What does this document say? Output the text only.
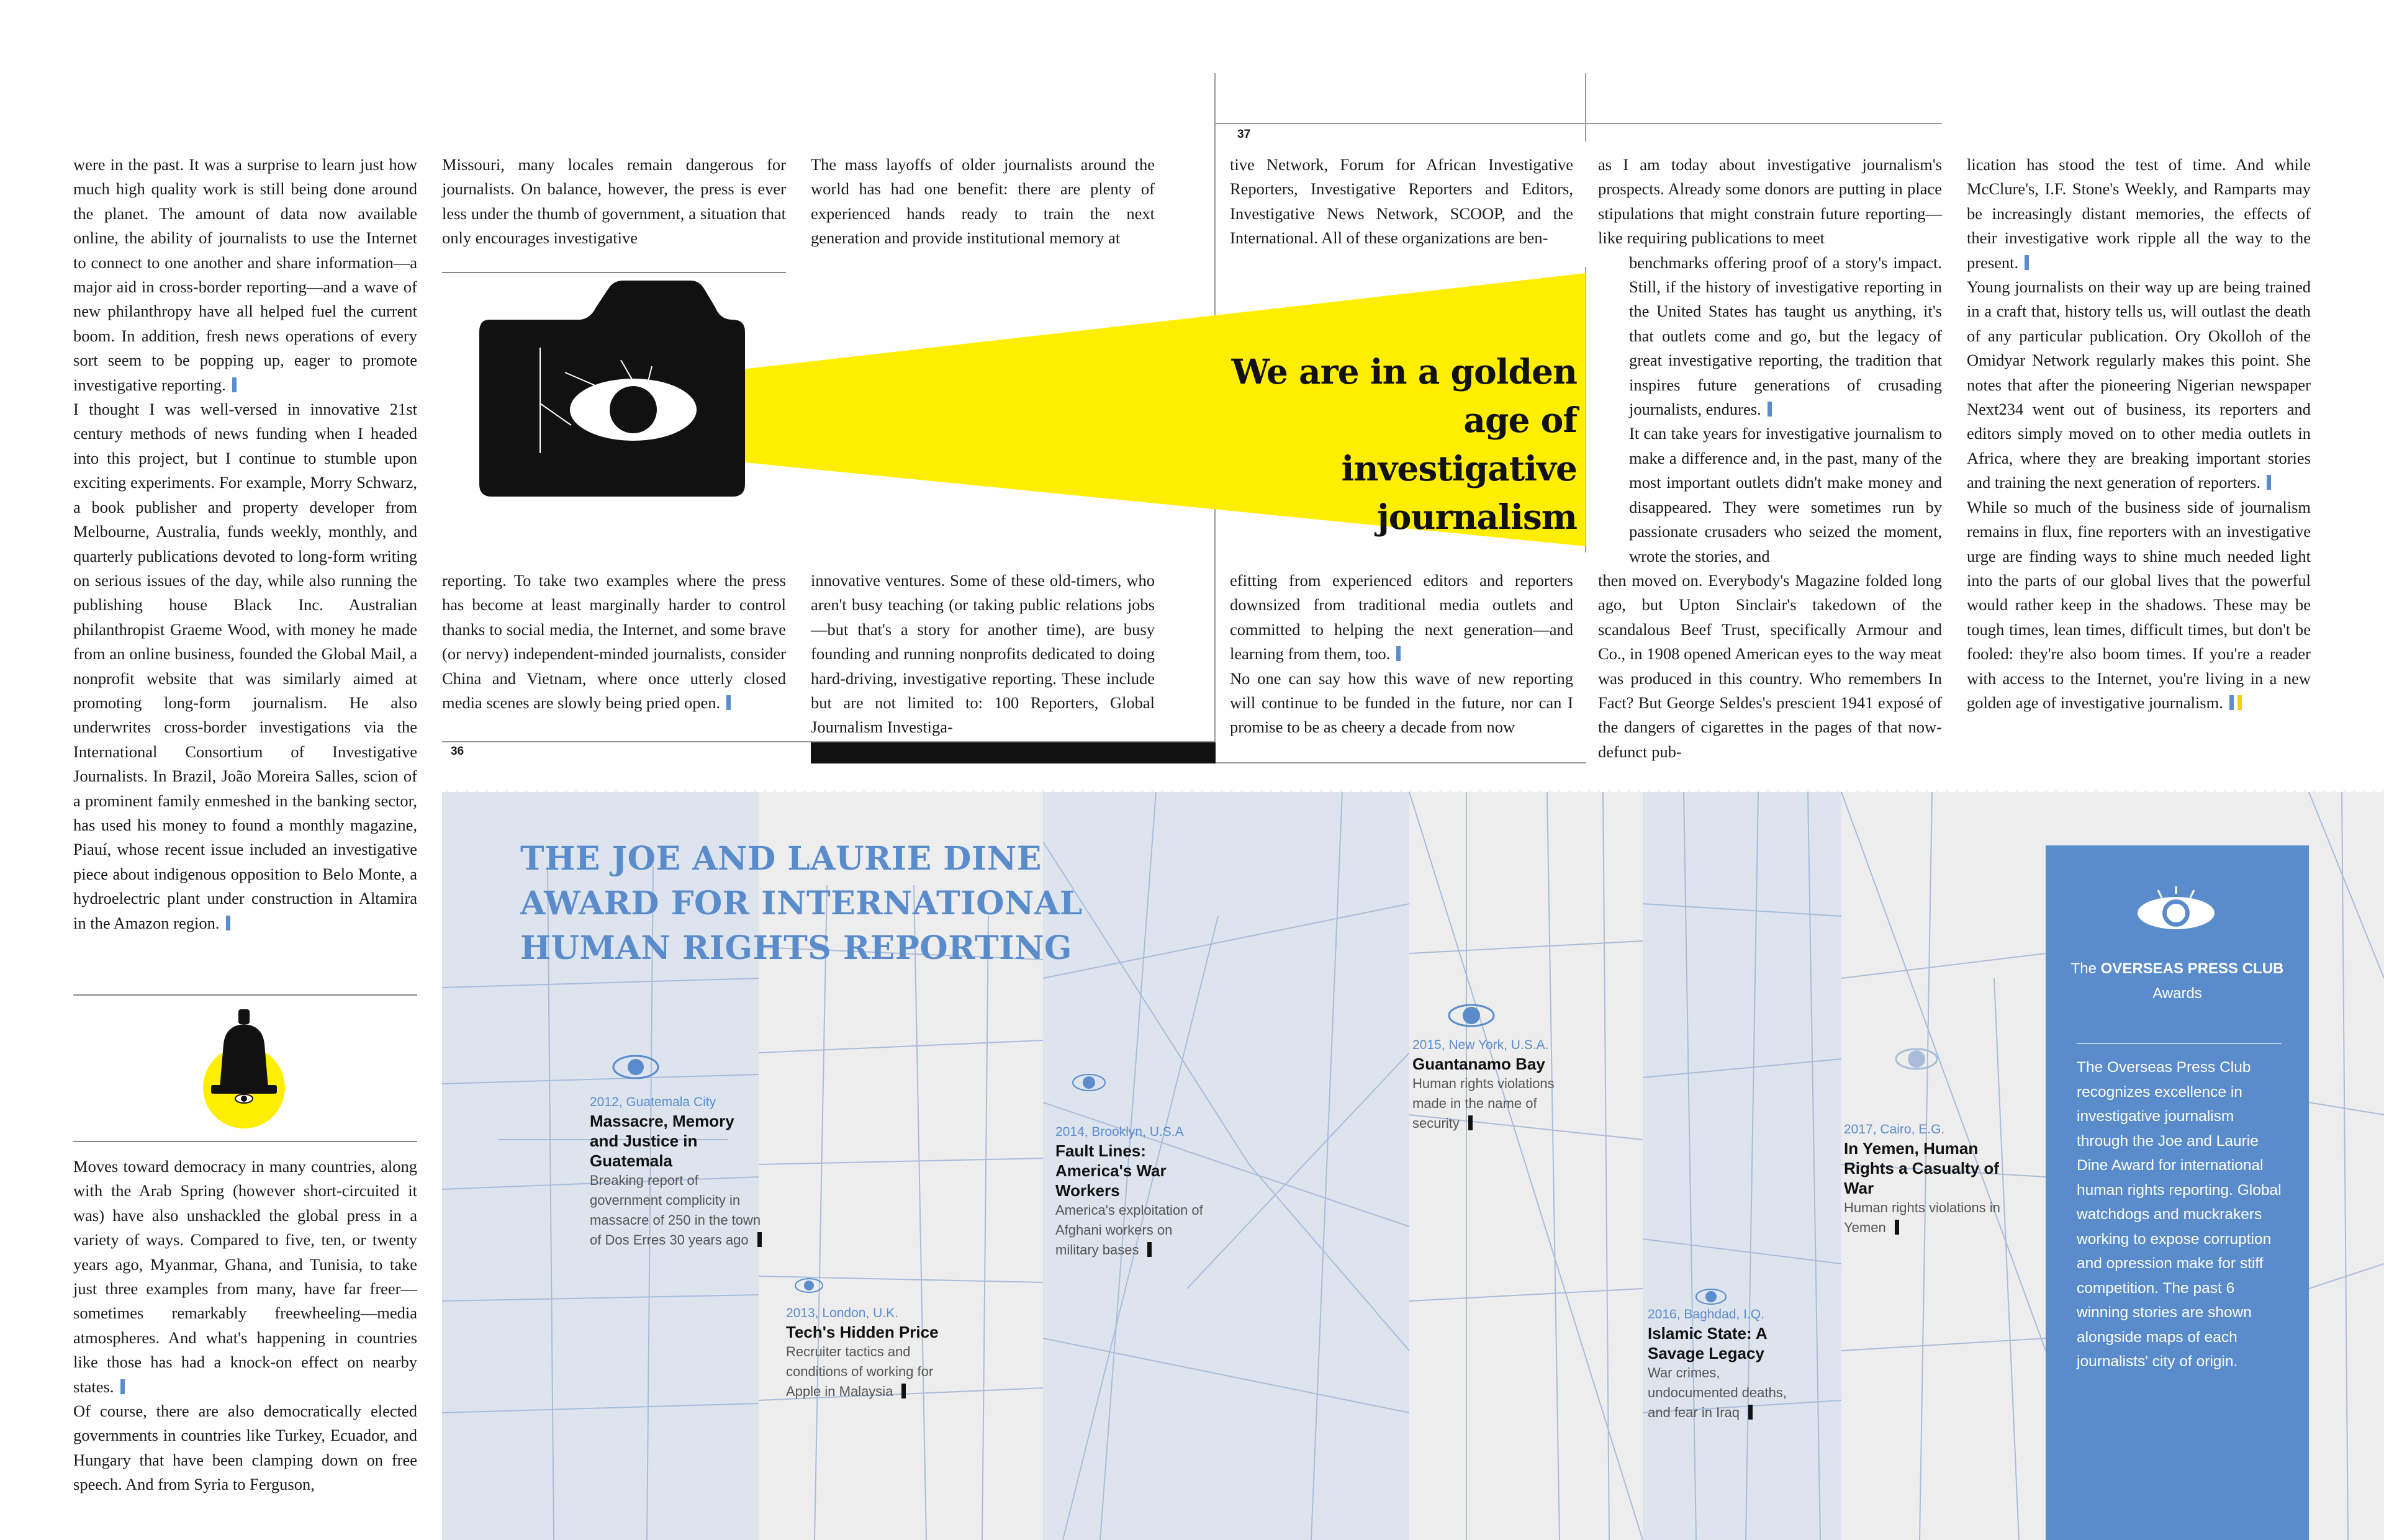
37

were in the past. It was a surprise to learn just how much high quality work is still being done around the planet. The amount of data now available online, the ability of journalists to use the Internet to connect to one another and share information—a major aid in cross-border reporting—and a wave of new philanthropy have all helped fuel the current boom. In addition, fresh news operations of every sort seem to be popping up, eager to promote investigative reporting.

I thought I was well-versed in innovative 21st century methods of news funding when I headed into this project, but I continue to stumble upon exciting experiments. For example, Morry Schwarz, a book publisher and property developer from Melbourne, Australia, funds weekly, monthly, and quarterly publications devoted to long-form writing on serious issues of the day, while also running the publishing house Black Inc. Australian philanthropist Graeme Wood, with money he made from an online business, founded the Global Mail, a nonprofit website that was similarly aimed at promoting long-form journalism. He also underwrites cross-border investigations via the International Consortium of Investigative Journalists. In Brazil, João Moreira Salles, scion of a prominent family enmeshed in the banking sector, has used his money to found a monthly magazine, Piauí, whose recent issue included an investigative piece about indigenous opposition to Belo Monte, a hydroelectric plant under construction in Altamira in the Amazon region.

Moves toward democracy in many countries, along with the Arab Spring (however short-circuited it was) have also unshackled the global press in a variety of ways. Compared to five, ten, or twenty years ago, Myanmar, Ghana, and Tunisia, to take just three examples from many, have far freer—sometimes remarkably freewheeling—media atmospheres. And what's happening in countries like those has had a knock-on effect on nearby states.

Of course, there are also democratically elected governments in countries like Turkey, Ecuador, and Hungary that have been clamping down on free speech. And from Syria to Ferguson,

Missouri, many locales remain dangerous for journalists. On balance, however, the press is ever less under the thumb of government, a situation that only encourages investigative

The mass layoffs of older journalists around the world has had one benefit: there are plenty of experienced hands ready to train the next generation and provide institutional memory at

tive Network, Forum for African Investigative Reporters, Investigative Reporters and Editors, Investigative News Network, SCOOP, and the International. All of these organizations are ben-

We are in a golden
age of investigative
journalism

reporting. To take two examples where the press has become at least marginally harder to control thanks to social media, the Internet, and some brave (or nervy) independent-minded journalists, consider China and Vietnam, where once utterly closed media scenes are slowly being pried open.

innovative ventures. Some of these old-timers, who aren't busy teaching (or taking public relations jobs—but that's a story for another time), are busy founding and running nonprofits dedicated to doing hard-driving, investigative reporting. These include but are not limited to: 100 Reporters, Global Journalism Investiga-

efitting from experienced editors and reporters downsized from traditional media outlets and committed to helping the next generation—and learning from them, too.

No one can say how this wave of new reporting will continue to be funded in the future, nor can I promise to be as cheery a decade from now

36

as I am today about investigative journalism's prospects. Already some donors are putting in place stipulations that might constrain future reporting—like requiring publications to meet

benchmarks offering proof of a story's impact. Still, if the history of investigative reporting in the United States has taught us anything, it's that outlets come and go, but the legacy of great investigative reporting, the tradition that inspires future generations of crusading journalists, endures.

It can take years for investigative journalism to make a difference and, in the past, many of the most important outlets didn't make money and disappeared. They were sometimes run by passionate crusaders who seized the moment, wrote the stories, and

then moved on. Everybody's Magazine folded long ago, but Upton Sinclair's takedown of the scandalous Beef Trust, specifically Armour and Co., in 1908 opened American eyes to the way meat was produced in this country. Who remembers In Fact? But George Seldes's prescient 1941 exposé of the dangers of cigarettes in the pages of that now-defunct pub-

lication has stood the test of time. And while McClure's, I.F. Stone's Weekly, and Ramparts may be increasingly distant memories, the effects of their investigative work ripple all the way to the present.

Young journalists on their way up are being trained in a craft that, history tells us, will outlast the death of any particular publication. Ory Okolloh of the Omidyar Network regularly makes this point. She notes that after the pioneering Nigerian newspaper Next234 went out of business, its reporters and editors simply moved on to other media outlets in Africa, where they are breaking important stories and training the next generation of reporters.

While so much of the business side of journalism remains in flux, fine reporters with an investigative urge are finding ways to shine much needed light into the parts of our global lives that the powerful would rather keep in the shadows. These may be tough times, lean times, difficult times, but don't be fooled: they're also boom times. If you're a reader with access to the Internet, you're living in a new golden age of investigative journalism.

THE JOE AND LAURIE DINE
AWARD FOR INTERNATIONAL
HUMAN RIGHTS REPORTING
2012, Guatemala City
Massacre, Memory and Justice in Guatemala
Breaking report of government complicity in massacre of 250 in the town of Dos Erres 30 years ago
2013, London, U.K.
Tech's Hidden Price
Recruiter tactics and conditions of working for Apple in Malaysia
2014, Brooklyn, U.S.A
Fault Lines: America's War Workers
America's exploitation of Afghani workers on military bases
2015, New York, U.S.A.
Guantanamo Bay
Human rights violations made in the name of security
2016, Baghdad, I.Q.
Islamic State: A Savage Legacy
War crimes, undocumented deaths, and fear in Iraq
2017, Cairo, E.G.
In Yemen, Human Rights a Casualty of War
Human rights violations in Yemen
The OVERSEAS PRESS CLUB Awards
The Overseas Press Club recognizes excellence in investigative journalism through the Joe and Laurie Dine Award for international human rights reporting. Global watchdogs and muckrakers working to expose corruption and opression make for stiff competition. The past 6 winning stories are shown alongside maps of each journalists' city of origin.
